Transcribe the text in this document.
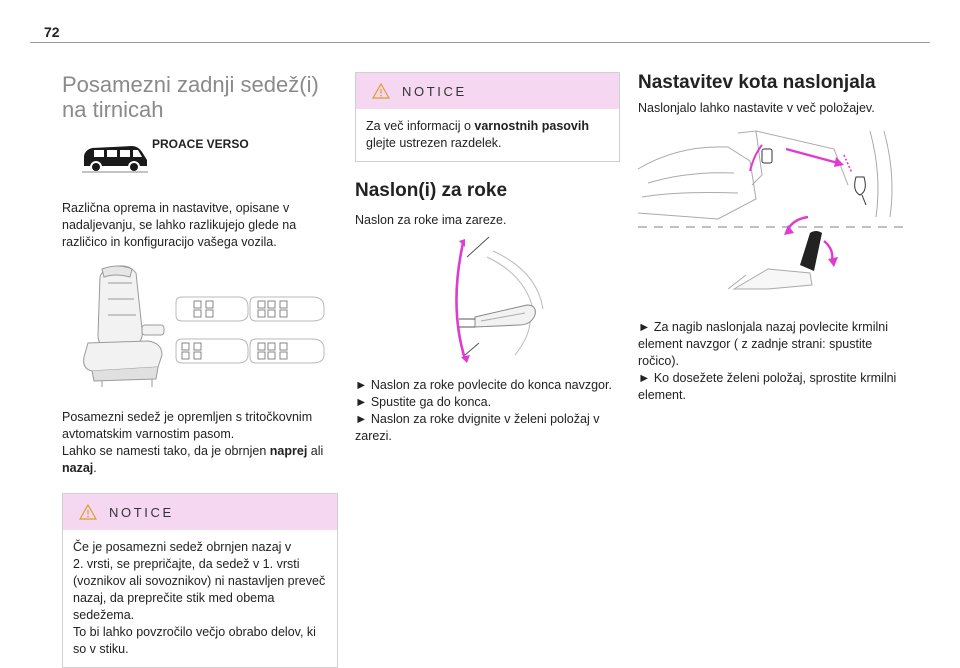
72
Posamezni zadnji sedež(i)
na tirnicah
PROACE VERSO
Različna oprema in nastavitve, opisane v
nadaljevanju, se lahko razlikujejo glede na
različico in konfiguracijo vašega vozila.
Posamezni sedež je opremljen s tritočkovnim
avtomatskim varnostim pasom.
Lahko se namesti tako, da je obrnjen naprej ali
nazaj.
NOTICE
Če je posamezni sedež obrnjen nazaj v
2. vrsti, se prepričajte, da sedež v 1. vrsti
(voznikov ali sovoznikov) ni nastavljen preveč
nazaj, da preprečite stik med obema
sedežema.
To bi lahko povzročilo večjo obrabo delov, ki
so v stiku.
NOTICE
Za več informacij o varnostnih pasovih
glejte ustrezen razdelek.
Naslon(i) za roke
Naslon za roke ima zareze.
► Naslon za roke povlecite do konca navzgor.
► Spustite ga do konca.
► Naslon za roke dvignite v želeni položaj v
zarezi.
Nastavitev kota naslonjala
Naslonjalo lahko nastavite v več položajev.
► Za nagib naslonjala nazaj povlecite krmilni
element navzgor ( z zadnje strani: spustite
ročico).
► Ko dosežete želeni položaj, sprostite krmilni
element.
